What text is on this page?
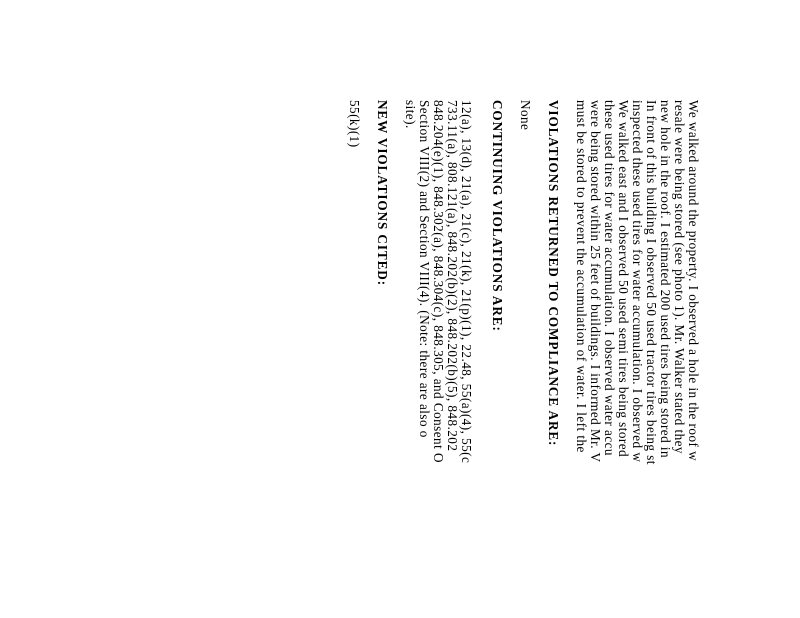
We walked around the property. I observed a hole in the roof w
resale were being stored (see photo 1). Mr. Walker stated they
new hole in the roof. I estimated 200 used tires being stored in
In front of this building I observed 50 used tractor tires being st
inspected these used tires for water accumulation. I observed w
We walked east and I observed 50 used semi tires being stored
these used tires for water accumulation. I observed water accu
were being stored within 25 feet of buildings. I informed Mr. V
must be stored to prevent the accumulation of water. I left the
VIOLATIONS RETURNED TO COMPLIANCE ARE:
None
CONTINUING VIOLATIONS ARE:
12(a), 13(d), 21(a), 21(c), 21(k), 21(p)(1), 22.48, 55(a)(4), 55(c
733.11(a), 808.121(a), 848.202(b)(2), 848.202(b)(5), 848.202
848.204(e)(1), 848.302(a), 848.304(c), 848.305, and Consent O
Section VIII(2) and Section VIII(4). (Note: there are also o
site).
NEW VIOLATIONS CITED:
55(k)(1)
